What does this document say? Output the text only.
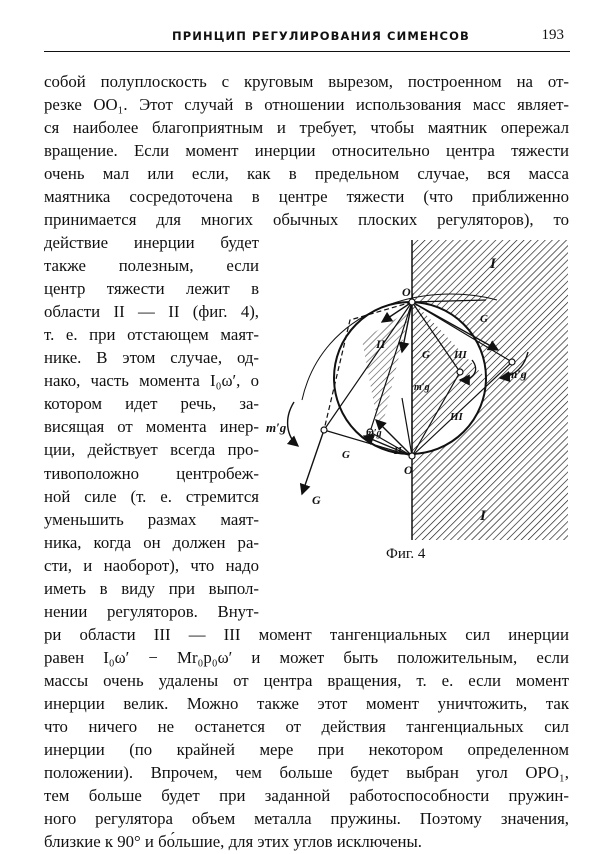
ПРИНЦИП РЕГУЛИРОВАНИЯ СИМЕНСОВ	193
собой полуплоскость с круговым вырезом, построенном на от-
резке OO₁. Этот случай в отношении использования масс являет-
ся наиболее благоприятным и требует, чтобы маятник опережал
вращение. Если момент инерции относительно центра тяжести
очень мал или если, как в предельном случае, вся масса
маятника сосредоточена в центре тяжести (что приближенно
принимается для многих обычных плоских регуляторов), то
действие инерции будет
также полезным, если
центр тяжести лежит в
области II — II (фиг. 4),
т. е. при отстающем маят-
нике. В этом случае, од-
нако, часть момента I₀ω′, о
котором идет речь, за-
висящая от момента инер-
ции, действует всегда про-
тивоположно центробеж-
ной силе (т. е. стремится
уменьшить размах маят-
ника, когда он должен ра-
сти, и наоборот), что надо
иметь в виду при выпол-
нении регуляторов. Внут-
ри области III — III момент тангенциальных сил инерции
равен I₀ω′ − Mr₀p₀ω′ и может быть положительным, если
массы очень удалены от центра вращения, т. е. если момент
инерции велик. Можно также этот момент уничтожить, так
что ничего не останется от действия тангенциальных сил
инерции (по крайней мере при некотором определенном
положении). Впрочем, чем больше будет выбран угол OPO₁,
тем больше будет при заданной работоспособности пружин-
ного регулятора объем металла пружины. Поэтому значения,
близкие к 90° и бо́льшие, для этих углов исключены.
I
I
O₁
O
II
II
III
III
G
G
G
G
m′g
m′g
m′g
m′g
Фиг. 4
